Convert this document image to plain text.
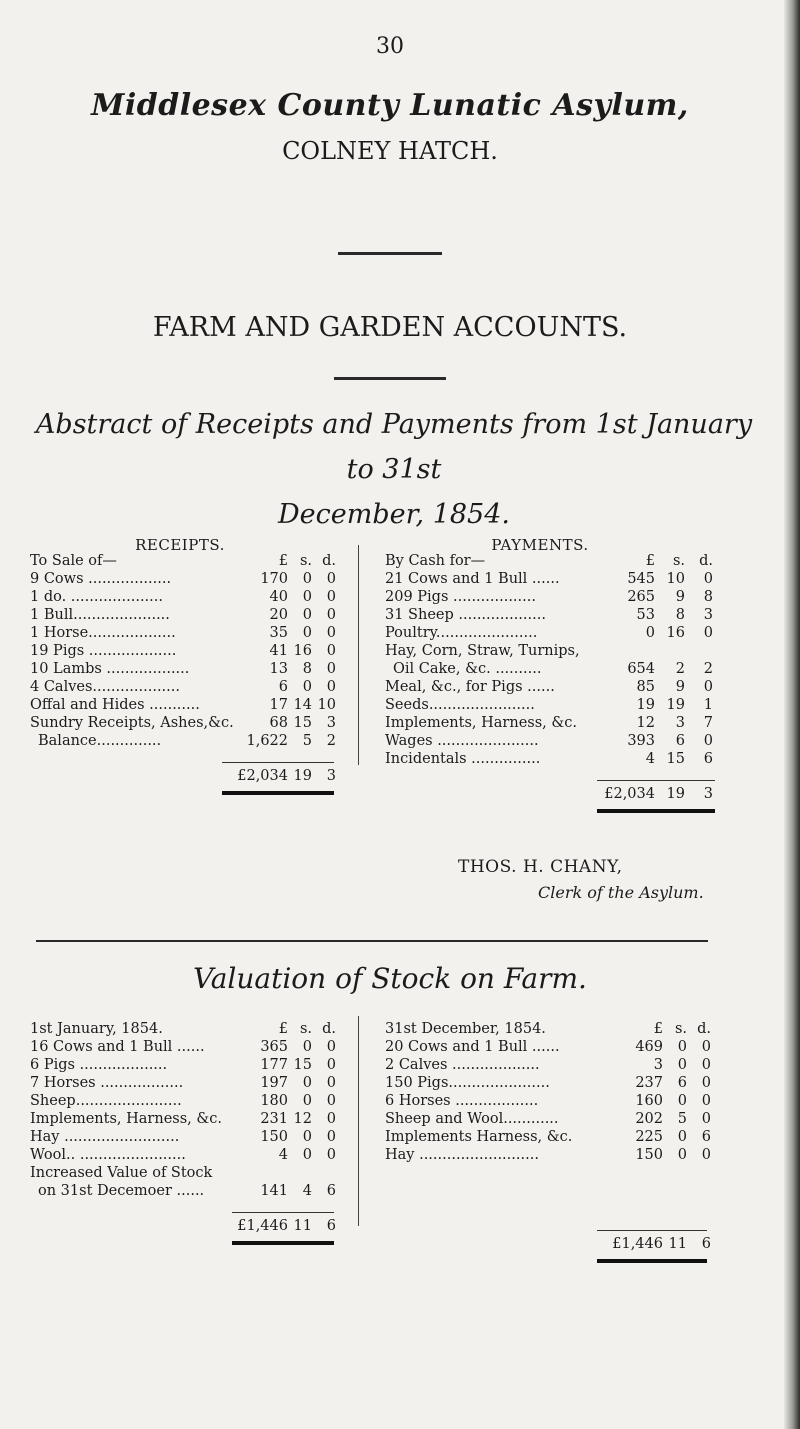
30
Middlesex County Lunatic Asylum,
COLNEY HATCH.
FARM AND GARDEN ACCOUNTS.
Abstract of Receipts and Payments from 1st January to 31st
December, 1854.
RECEIPTS.
To Sale of—	£ s. d.
9 Cows ..................	170 0 0
1 do. ....................	40 0 0
1 Bull.....................	20 0 0
1 Horse...................	35 0 0
19 Pigs ...................	41 16 0
10 Lambs ..................	13 8 0
4 Calves...................	6 0 0
Offal and Hides ...........	17 14 10
Sundry Receipts, Ashes,&c. 68 15 3
Balance..............	1,622 5 2
£2,034 19 3
PAYMENTS.
By Cash for—	£ s. d.
21 Cows and 1 Bull ......	545 10 0
209 Pigs ..................	265 9 8
31 Sheep ...................	53 8 3
Poultry......................	0 16 0
Hay, Corn, Straw, Turnips,
Oil Cake, &c. ..........	654 2 2
Meal, &c., for Pigs ......	85 9 0
Seeds.......................	19 19 1
Implements, Harness, &c.	12 3 7
Wages ......................	393 6 0
Incidentals ...............	4 15 6
£2,034 19 3
THOS. H. CHANY,
Clerk of the Asylum.
Valuation of Stock on Farm.
1st January, 1854.	£ s. d.
16 Cows and 1 Bull ......	365 0 0
6 Pigs ...................	177 15 0
7 Horses ..................	197 0 0
Sheep.......................	180 0 0
Implements, Harness, &c.	231 12 0
Hay .........................	150 0 0
Wool.. .......................	4 0 0
Increased Value of Stock
on 31st Decemoer ......	141 4 6
£1,446 11 6
31st December, 1854.	£ s. d.
20 Cows and 1 Bull ......	469 0 0
2 Calves ...................	3 0 0
150 Pigs......................	237 6 0
6 Horses ..................	160 0 0
Sheep and Wool............	202 5 0
Implements Harness, &c.	225 0 6
Hay ..........................	150 0 0
£1,446 11 6
